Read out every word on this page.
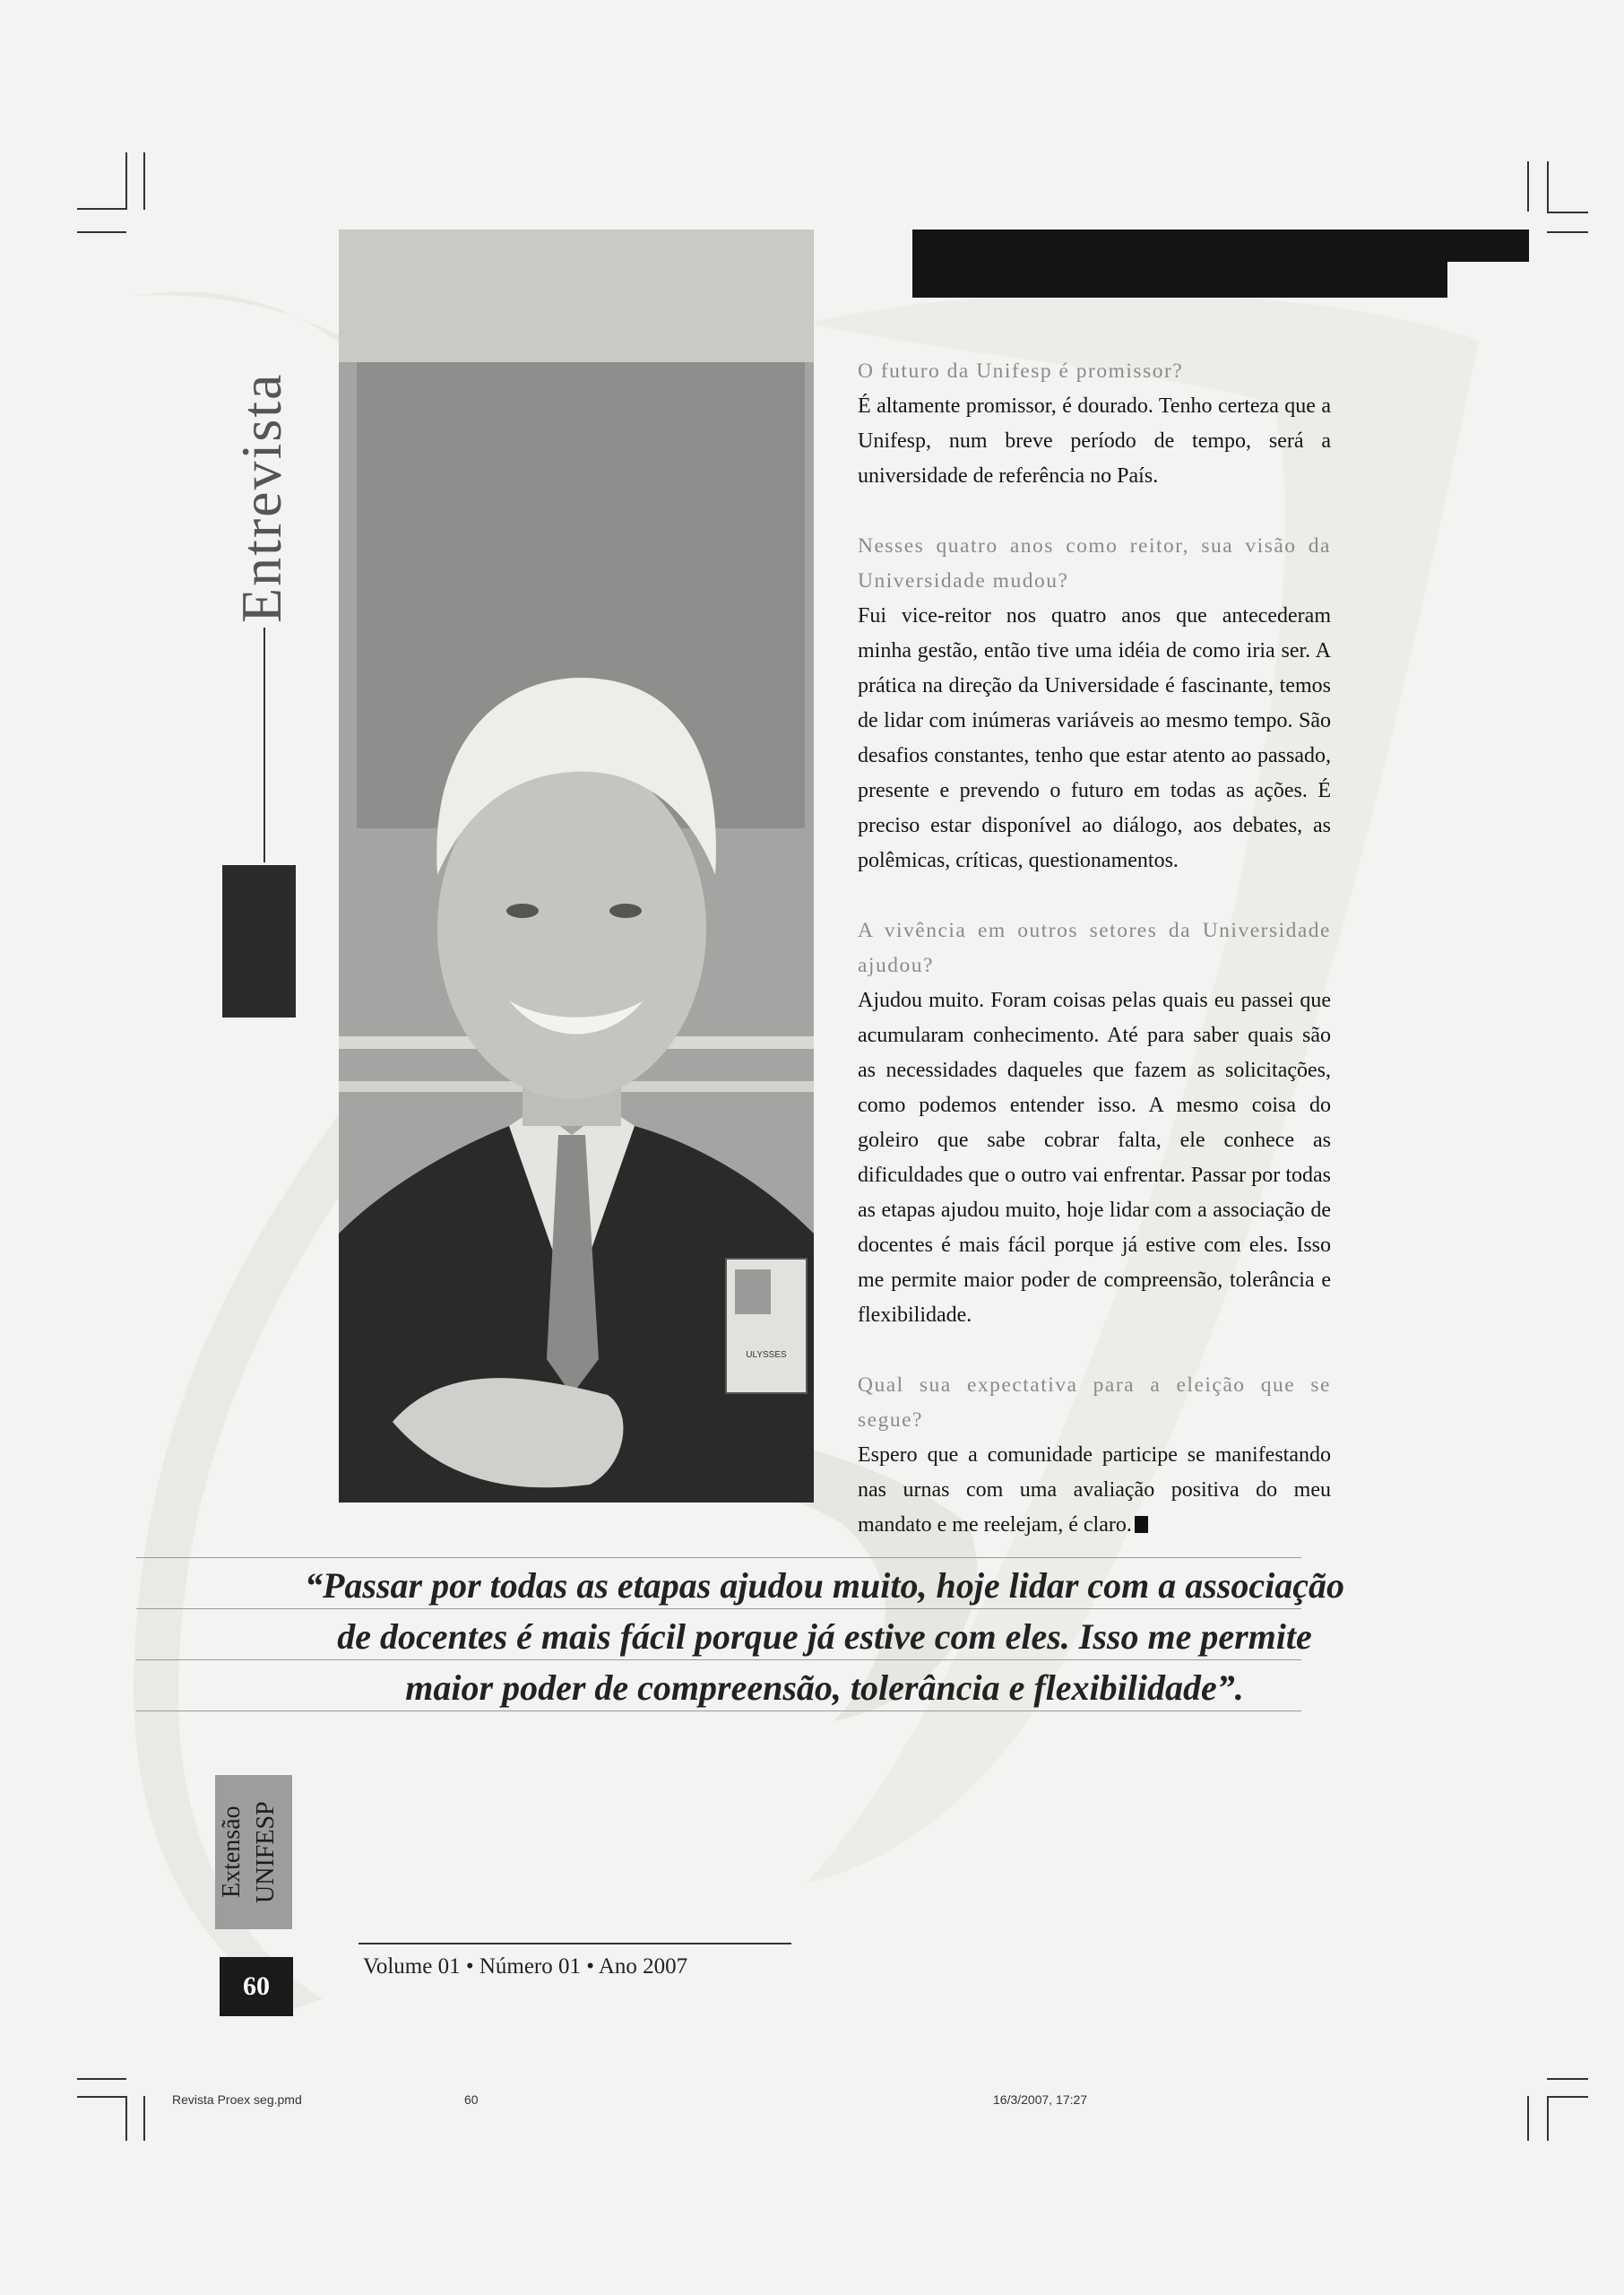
ULYSSES
Entrevista

O futuro da Unifesp é promissor?

É altamente promissor, é dourado. Tenho certeza que a Unifesp, num breve período de tempo, será a universidade de referência no País.

Nesses quatro anos como reitor, sua visão da Universidade mudou?

Fui vice-reitor nos quatro anos que antecederam minha gestão, então tive uma idéia de como iria ser. A prática na direção da Universidade é fascinante, temos de lidar com inúmeras variáveis ao mesmo tempo. São desafios constantes, tenho que estar atento ao passado, presente e prevendo o futuro em todas as ações. É preciso estar disponível ao diálogo, aos debates, as polêmicas, críticas, questionamentos.

A vivência em outros setores da Universidade ajudou?

Ajudou muito. Foram coisas pelas quais eu passei que acumularam conhecimento. Até para saber quais são as necessidades daqueles que fazem as solicitações, como podemos entender isso. A mesmo coisa do goleiro que sabe cobrar falta, ele conhece as dificuldades que o outro vai enfrentar. Passar por todas as etapas ajudou muito, hoje lidar com a associação de docentes é mais fácil porque já estive com eles. Isso me permite maior poder de compreensão, tolerância e flexibilidade.

Qual sua expectativa para a eleição que se segue?

Espero que a comunidade participe se manifestando nas urnas com uma avaliação positiva do meu mandato e me reelejam, é claro.

“Passar por todas as etapas ajudou muito, hoje lidar com a associação de docentes é mais fácil porque já estive com eles. Isso me permite maior poder de compreensão, tolerância e flexibilidade”.
Extensão UNIFESP
60
Volume 01 • Número 01 • Ano 2007
Revista Proex seg.pmd	60	16/3/2007, 17:27
